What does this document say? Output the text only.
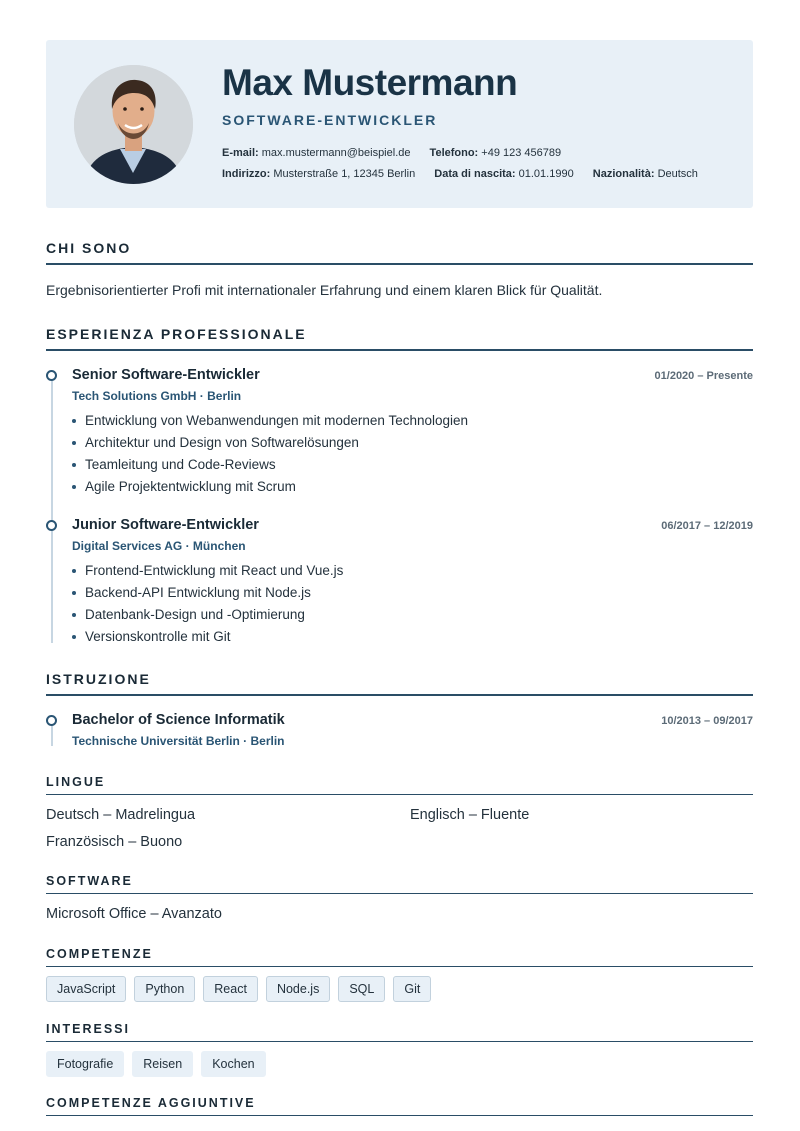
Max Mustermann
SOFTWARE-ENTWICKLER
E-mail: max.mustermann@beispiel.de Telefono: +49 123 456789
Indirizzo: Musterstraße 1, 12345 Berlin Data di nascita: 01.01.1990 Nazionalità: Deutsch
CHI SONO
Ergebnisorientierter Profi mit internationaler Erfahrung und einem klaren Blick für Qualität.
ESPERIENZA PROFESSIONALE
Senior Software-Entwickler	01/2020 – Presente
Tech Solutions GmbH · Berlin
Entwicklung von Webanwendungen mit modernen Technologien
Architektur und Design von Softwarelösungen
Teamleitung und Code-Reviews
Agile Projektentwicklung mit Scrum
Junior Software-Entwickler	06/2017 – 12/2019
Digital Services AG · München
Frontend-Entwicklung mit React und Vue.js
Backend-API Entwicklung mit Node.js
Datenbank-Design und -Optimierung
Versionskontrolle mit Git
ISTRUZIONE
Bachelor of Science Informatik	10/2013 – 09/2017
Technische Universität Berlin · Berlin
LINGUE
Deutsch – Madrelingua	Englisch – Fluente
Französisch – Buono
SOFTWARE
Microsoft Office – Avanzato
COMPETENZE
JavaScript	Python	React	Node.js	SQL	Git
INTERESSI
Fotografie	Reisen	Kochen
COMPETENZE AGGIUNTIVE
